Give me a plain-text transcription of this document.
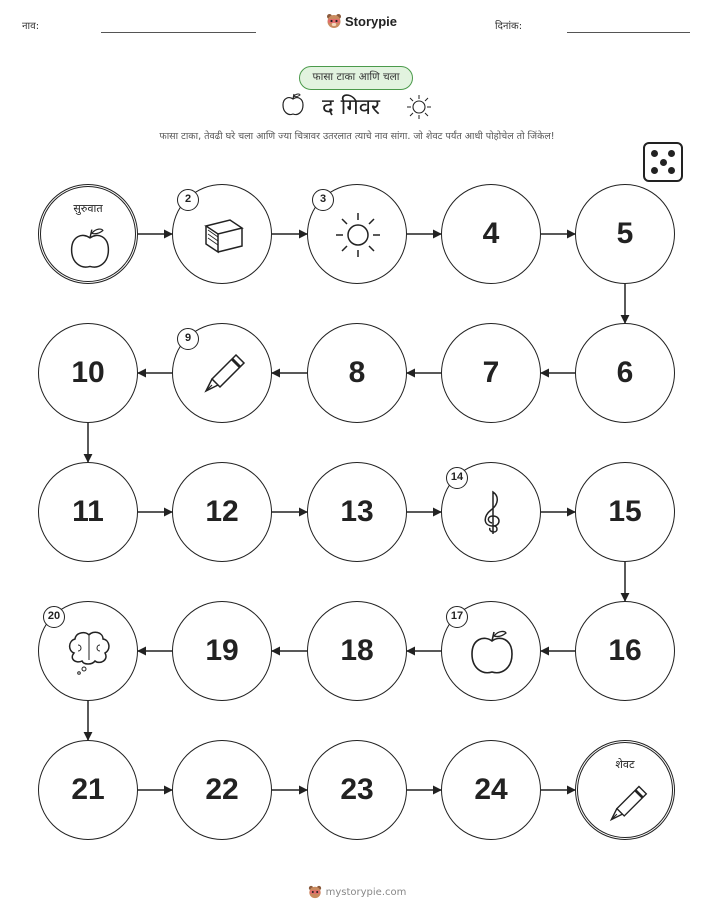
नाव:	Storypie	दिनांक:
फासा टाका आणि चला
द गिवर
फासा टाका, तेवढी घरे चला आणि ज्या चित्रावर उतरलात त्याचे नाव सांगा. जो शेवट पर्यंत आधी पोहोचेल तो जिंकेल!
सुरुवात
2	3
4	5
6
7
8
9
10
11	12	13
14
15
16
17
18
19
20
21	22	23	24
शेवट
mystorypie.com
